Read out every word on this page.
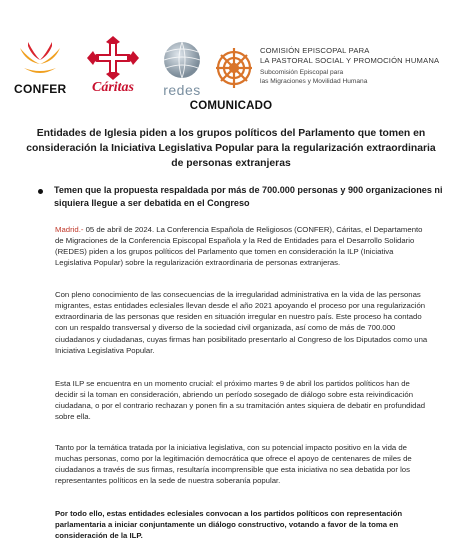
CONFER	Cáritas	redes
COMISIÓN EPISCOPAL PARA
LA PASTORAL SOCIAL Y PROMOCIÓN HUMANA
Subcomisión Episcopal para
las Migraciones y Movilidad Humana
COMUNICADO
Entidades de Iglesia piden a los grupos políticos del Parlamento que tomen en consideración la Iniciativa Legislativa Popular para la regularización extraordinaria de personas extranjeras
Temen que la propuesta respaldada por más de 700.000 personas y 900 organizaciones ni siquiera llegue a ser debatida en el Congreso
Madrid.- 05 de abril de 2024. La Conferencia Española de Religiosos (CONFER), Cáritas, el Departamento de Migraciones de la Conferencia Episcopal Española y la Red de Entidades para el Desarrollo Solidario (REDES) piden a los grupos políticos del Parlamento que tomen en consideración la ILP (Iniciativa Legislativa Popular) sobre la regularización extraordinaria de personas extranjeras.
Con pleno conocimiento de las consecuencias de la irregularidad administrativa en la vida de las personas migrantes, estas entidades eclesiales llevan desde el año 2021 apoyando el proceso por una regularización extraordinaria de las personas que residen en situación irregular en nuestro país. Este proceso ha contado con un respaldo transversal y diverso de la sociedad civil organizada, así como de más de 700.000 ciudadanos y ciudadanas, cuyas firmas han posibilitado presentarlo al Congreso de los Diputados como una Iniciativa Legislativa Popular.
Esta ILP se encuentra en un momento crucial: el próximo martes 9 de abril los partidos políticos han de decidir si la toman en consideración, abriendo un período sosegado de diálogo sobre esta reivindicación ciudadana, o por el contrario rechazan y ponen fin a su tramitación antes siquiera de debatir en profundidad sobre ella.
Tanto por la temática tratada por la iniciativa legislativa, con su potencial impacto positivo en la vida de muchas personas, como por la legitimación democrática que ofrece el apoyo de centenares de miles de ciudadanos a través de sus firmas, resultaría incomprensible que esta iniciativa no sea debatida por los representantes políticos en la sede de nuestra soberanía popular.
Por todo ello, estas entidades eclesiales convocan a los partidos políticos con representación parlamentaria a iniciar conjuntamente un diálogo constructivo, votando a favor de la toma en consideración de la ILP.
